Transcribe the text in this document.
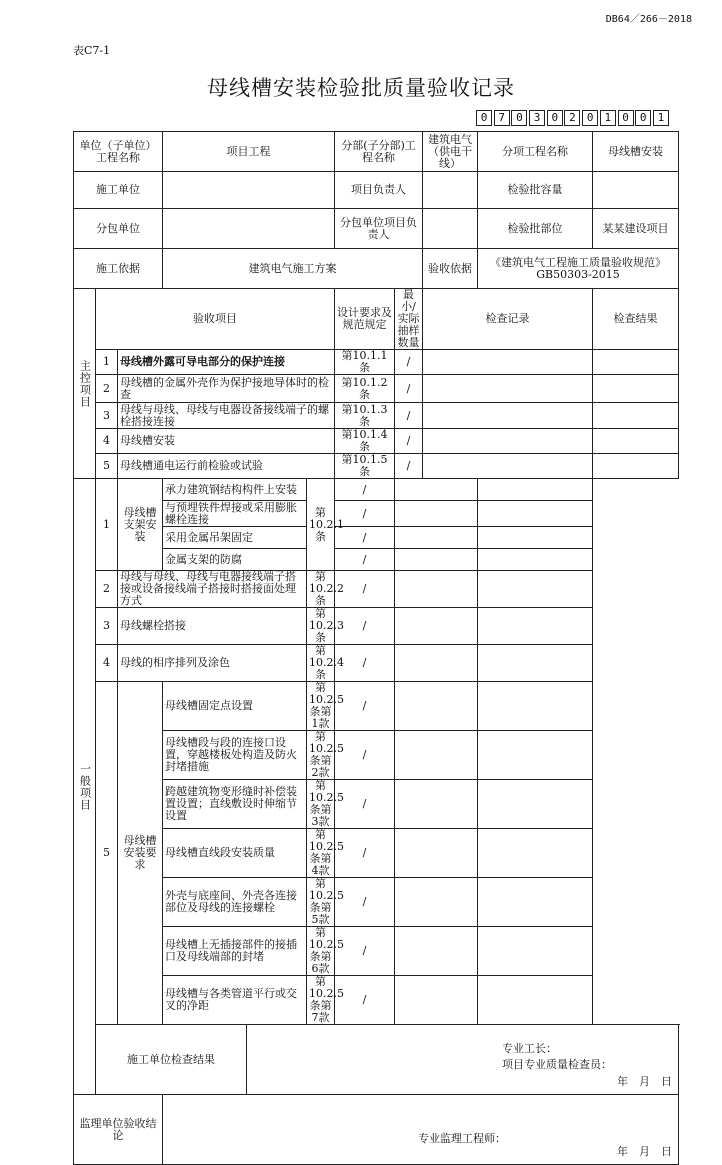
DB64／266－2018
表C7-1
母线槽安装检验批质量验收记录
0	7	0	3	0	2	0	1	0	0	1
单位（子单位）工程名称			项目工程			分部(子分部)工程名称		建筑电气（供电干线）	分项工程名称	母线槽安装
施工单位						项目负责人			检验批容量	
分包单位						分包单位项目负责人			检验批部位	某某建设项目
施工依据			建筑电气施工方案					验收依据	《建筑电气工程施工质量验收规范》GB50303-2015	

主控项目	验收项目					设计要求及规范规定	最小/实际抽样数量	检查记录		检查结果
	1	母线槽外露可导电部分的保护连接				第10.1.1条	/			
	2	母线槽的金属外壳作为保护接地导体时的检查				第10.1.2条	/			
	3	母线与母线、母线与电器设备接线端子的螺栓搭接连接				第10.1.3条	/			
	4	母线槽安装				第10.1.4条	/			
	5	母线槽通电运行前检验或试验				第10.1.5条	/			

一般项目	1	母线槽支架安装	承力建筑钢结构构件上安装		第10.2.1条	/				
			与预埋铁件焊接或采用膨胀螺栓连接			/				
			采用金属吊架固定			/				
			金属支架的防腐			/				
	2	母线与母线、母线与电器接线端子搭接或设备接线端子搭接时搭接面处理方式			第10.2.2条	/				
	3	母线螺栓搭接			第10.2.3条	/				
	4	母线的相序排列及涂色			第10.2.4条	/				
	5	母线槽安装要求	母线槽固定点设置		第10.2.5条第1款	/				
			母线槽段与段的连接口设置，穿越楼板处构造及防火封堵措施		第10.2.5条第2款	/				
			跨越建筑物变形缝时补偿装置设置；直线敷设时伸缩节设置		第10.2.5条第3款	/				
			母线槽直线段安装质量		第10.2.5条第4款	/				
			外壳与底座间、外壳各连接部位及母线的连接螺栓		第10.2.5条第5款	/				
			母线槽上无插接部件的接插口及母线端部的封堵		第10.2.5条第6款	/				
			母线槽与各类管道平行或交叉的净距		第10.2.5条第7款	/				
	施工单位检查结果			专业工长：
项目专业质量检查员：
年　月　日						

监理单位验收结论			专业监理工程师：
年　月　日							
